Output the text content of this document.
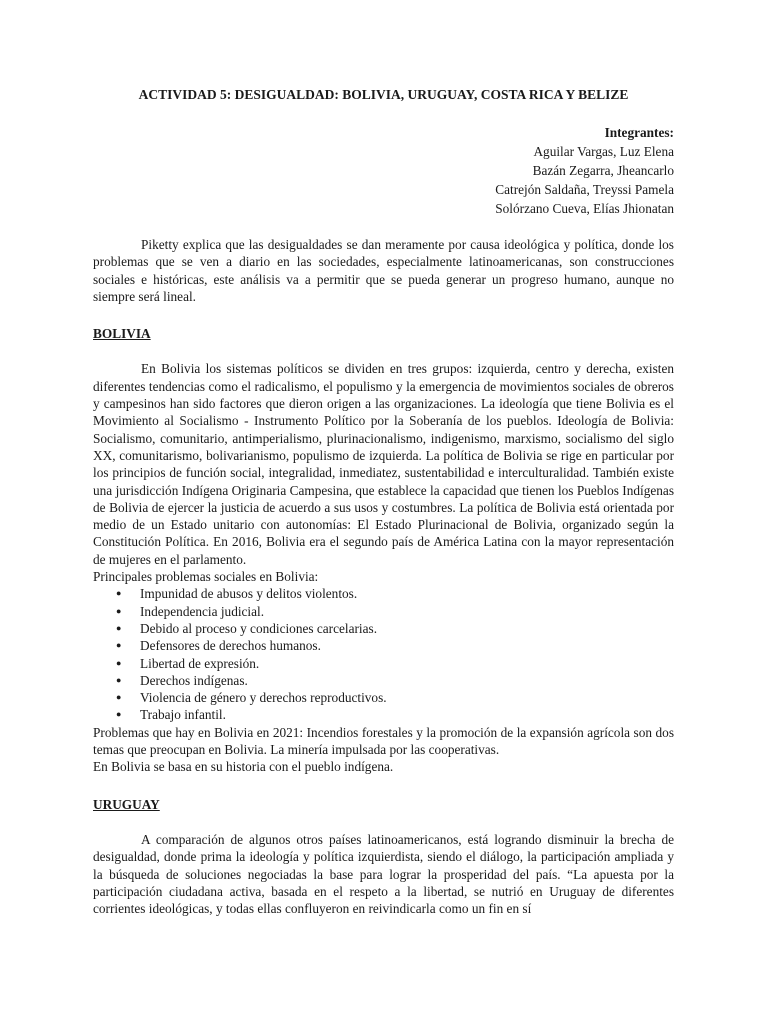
ACTIVIDAD 5: DESIGUALDAD: BOLIVIA, URUGUAY, COSTA RICA Y BELIZE
Integrantes:
Aguilar Vargas, Luz Elena
Bazán Zegarra, Jheancarlo
Catrejón Saldaña, Treyssi Pamela
Solórzano Cueva, Elías Jhionatan

Piketty explica que las desigualdades se dan meramente por causa ideológica y política, donde los problemas que se ven a diario en las sociedades, especialmente latinoamericanas, son construcciones sociales e históricas, este análisis va a permitir que se pueda generar un progreso humano, aunque no siempre será lineal.

BOLIVIA

En Bolivia los sistemas políticos se dividen en tres grupos: izquierda, centro y derecha, existen diferentes tendencias como el radicalismo, el populismo y la emergencia de movimientos sociales de obreros y campesinos han sido factores que dieron origen a las organizaciones. La ideología que tiene Bolivia es el Movimiento al Socialismo - Instrumento Político por la Soberanía de los pueblos. Ideología de Bolivia: Socialismo, comunitario, antimperialismo, plurinacionalismo, indigenismo, marxismo, socialismo del siglo XX, comunitarismo, bolivarianismo, populismo de izquierda. La política de Bolivia se rige en particular por los principios de función social, integralidad, inmediatez, sustentabilidad e interculturalidad. También existe una jurisdicción Indígena Originaria Campesina, que establece la capacidad que tienen los Pueblos Indígenas de Bolivia de ejercer la justicia de acuerdo a sus usos y costumbres. La política de Bolivia está orientada por medio de un Estado unitario con autonomías: El Estado Plurinacional de Bolivia, organizado según la Constitución Política. En 2016, Bolivia era el segundo país de América Latina con la mayor representación de mujeres en el parlamento.

Principales problemas sociales en Bolivia:

● Impunidad de abusos y delitos violentos.
● Independencia judicial.
● Debido al proceso y condiciones carcelarias.
● Defensores de derechos humanos.
● Libertad de expresión.
● Derechos indígenas.
● Violencia de género y derechos reproductivos.
● Trabajo infantil.

Problemas que hay en Bolivia en 2021: Incendios forestales y la promoción de la expansión agrícola son dos temas que preocupan en Bolivia. La minería impulsada por las cooperativas.

En Bolivia se basa en su historia con el pueblo indígena.

URUGUAY

A comparación de algunos otros países latinoamericanos, está logrando disminuir la brecha de desigualdad, donde prima la ideología y política izquierdista, siendo el diálogo, la participación ampliada y la búsqueda de soluciones negociadas la base para lograr la prosperidad del país. “La apuesta por la participación ciudadana activa, basada en el respeto a la libertad, se nutrió en Uruguay de diferentes corrientes ideológicas, y todas ellas confluyeron en reivindicarla como un fin en sí
